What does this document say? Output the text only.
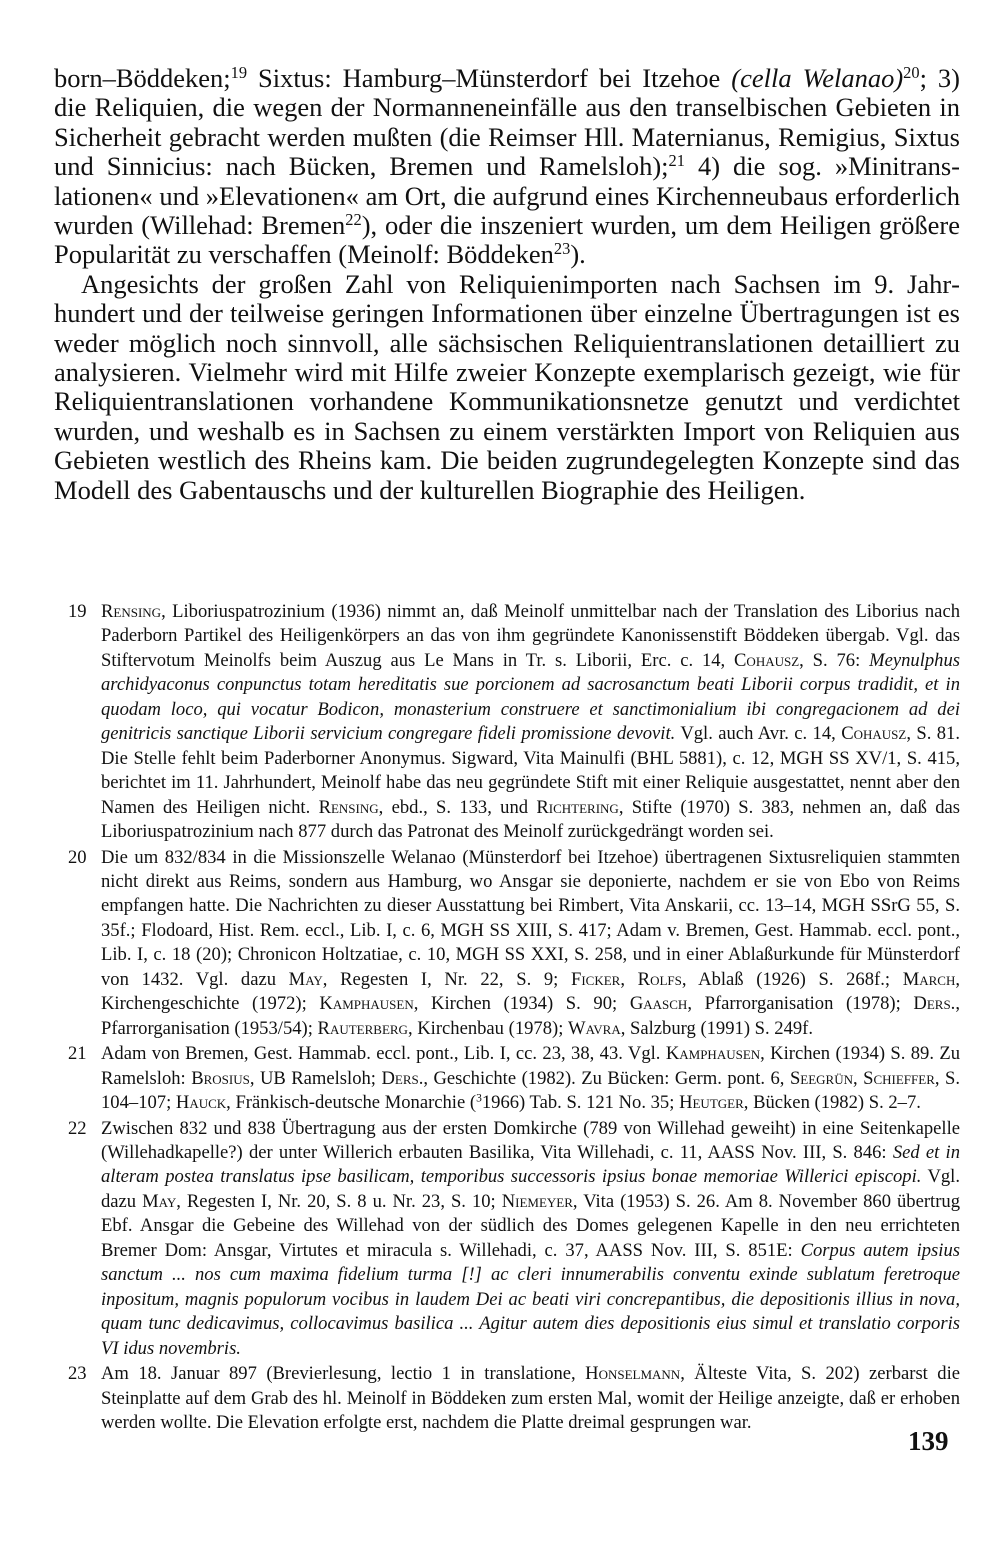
born–Böddeken;$^{19}$ Sixtus: Hamburg–Münsterdorf bei Itzehoe (cella Welanao)$^{20}$; 3) die Reliquien, die wegen der Normanneneinfälle aus den transelbischen Gebieten in Sicherheit gebracht werden mußten (die Reimser Hll. Maternianus, Remigius, Sixtus und Sinnicius: nach Bücken, Bremen und Ramelsloh);$^{21}$ 4) die sog. »Minitranslationen« und »Elevationen« am Ort, die aufgrund eines Kirchenneubaus erforderlich wurden (Willehad: Bremen$^{22}$), oder die inszeniert wurden, um dem Heiligen größere Popularität zu verschaffen (Meinolf: Böddeken$^{23}$).

Angesichts der großen Zahl von Reliquienimporten nach Sachsen im 9. Jahrhundert und der teilweise geringen Informationen über einzelne Übertragungen ist es weder möglich noch sinnvoll, alle sächsischen Reliquientranslationen detailliert zu analysieren. Vielmehr wird mit Hilfe zweier Konzepte exemplarisch gezeigt, wie für Reliquientranslationen vorhandene Kommunikationsnetze genutzt und verdichtet wurden, und weshalb es in Sachsen zu einem verstärkten Import von Reliquien aus Gebieten westlich des Rheins kam. Die beiden zugrundegelegten Konzepte sind das Modell des Gabentauschs und der kulturellen Biographie des Heiligen.

19 Rensing, Liboriuspatrozinium (1936) nimmt an, daß Meinolf unmittelbar nach der Translation des Liborius nach Paderborn Partikel des Heiligenkörpers an das von ihm gegründete Kanonissenstift Böddeken übergab. Vgl. das Stiftervotum Meinolfs beim Auszug aus Le Mans in Tr. s. Liborii, Erc. c. 14, Cohausz, S. 76: Meynulphus archidyaconus conpunctus totam hereditatis sue porcionem ad sacrosanctum beati Liborii corpus tradidit, et in quodam loco, qui vocatur Bodicon, monasterium construere et sanctimonialium ibi congregacionem ad dei genitricis sanctique Liborii servicium congregare fideli promissione devovit. Vgl. auch Avr. c. 14, Cohausz, S. 81. Die Stelle fehlt beim Paderborner Anonymus. Sigward, Vita Mainulfi (BHL 5881), c. 12, MGH SS XV/1, S. 415, berichtet im 11. Jahrhundert, Meinolf habe das neu gegründete Stift mit einer Reliquie ausgestattet, nennt aber den Namen des Heiligen nicht. Rensing, ebd., S. 133, und Richtering, Stifte (1970) S. 383, nehmen an, daß das Liboriuspatrozinium nach 877 durch das Patronat des Meinolf zurückgedrängt worden sei.

20 Die um 832/834 in die Missionszelle Welanao (Münsterdorf bei Itzehoe) übertragenen Sixtusreliquien stammten nicht direkt aus Reims, sondern aus Hamburg, wo Ansgar sie deponierte, nachdem er sie von Ebo von Reims empfangen hatte. Die Nachrichten zu dieser Ausstattung bei Rimbert, Vita Anskarii, cc. 13–14, MGH SSrG 55, S. 35f.; Flodoard, Hist. Rem. eccl., Lib. I, c. 6, MGH SS XIII, S. 417; Adam v. Bremen, Gest. Hammab. eccl. pont., Lib. I, c. 18 (20); Chronicon Holtzatiae, c. 10, MGH SS XXI, S. 258, und in einer Ablaßurkunde für Münsterdorf von 1432. Vgl. dazu May, Regesten I, Nr. 22, S. 9; Ficker, Rolfs, Ablaß (1926) S. 268f.; March, Kirchengeschichte (1972); Kamphausen, Kirchen (1934) S. 90; Gaasch, Pfarrorganisation (1978); Ders., Pfarrorganisation (1953/54); Rauterberg, Kirchenbau (1978); Wavra, Salzburg (1991) S. 249f.

21 Adam von Bremen, Gest. Hammab. eccl. pont., Lib. I, cc. 23, 38, 43. Vgl. Kamphausen, Kirchen (1934) S. 89. Zu Ramelsloh: Brosius, UB Ramelsloh; Ders., Geschichte (1982). Zu Bücken: Germ. pont. 6, Seegrün, Schieffer, S. 104–107; Hauck, Fränkisch-deutsche Monarchie ($^3$1966) Tab. S. 121 No. 35; Heutger, Bücken (1982) S. 2–7.

22 Zwischen 832 und 838 Übertragung aus der ersten Domkirche (789 von Willehad geweiht) in eine Seitenkapelle (Willehadkapelle?) der unter Willerich erbauten Basilika, Vita Willehadi, c. 11, AASS Nov. III, S. 846: Sed et in alteram postea translatus ipse basilicam, temporibus successoris ipsius bonae memoriae Willerici episcopi. Vgl. dazu May, Regesten I, Nr. 20, S. 8 u. Nr. 23, S. 10; Niemeyer, Vita (1953) S. 26. Am 8. November 860 übertrug Ebf. Ansgar die Gebeine des Willehad von der südlich des Domes gelegenen Kapelle in den neu errichteten Bremer Dom: Ansgar, Virtutes et miracula s. Willehadi, c. 37, AASS Nov. III, S. 851E: Corpus autem ipsius sanctum ... nos cum maxima fidelium turma [!] ac cleri innumerabilis conventu exinde sublatum feretroque inpositum, magnis populorum vocibus in laudem Dei ac beati viri concrepantibus, die depositionis illius in nova, quam tunc dedicavimus, collocavimus basilica ... Agitur autem dies depositionis eius simul et translatio corporis VI idus novembris.

23 Am 18. Januar 897 (Brevierlesung, lectio 1 in translatione, Honselmann, Älteste Vita, S. 202) zerbarst die Steinplatte auf dem Grab des hl. Meinolf in Böddeken zum ersten Mal, womit der Heilige anzeigte, daß er erhoben werden wollte. Die Elevation erfolgte erst, nachdem die Platte dreimal gesprungen war.

139
